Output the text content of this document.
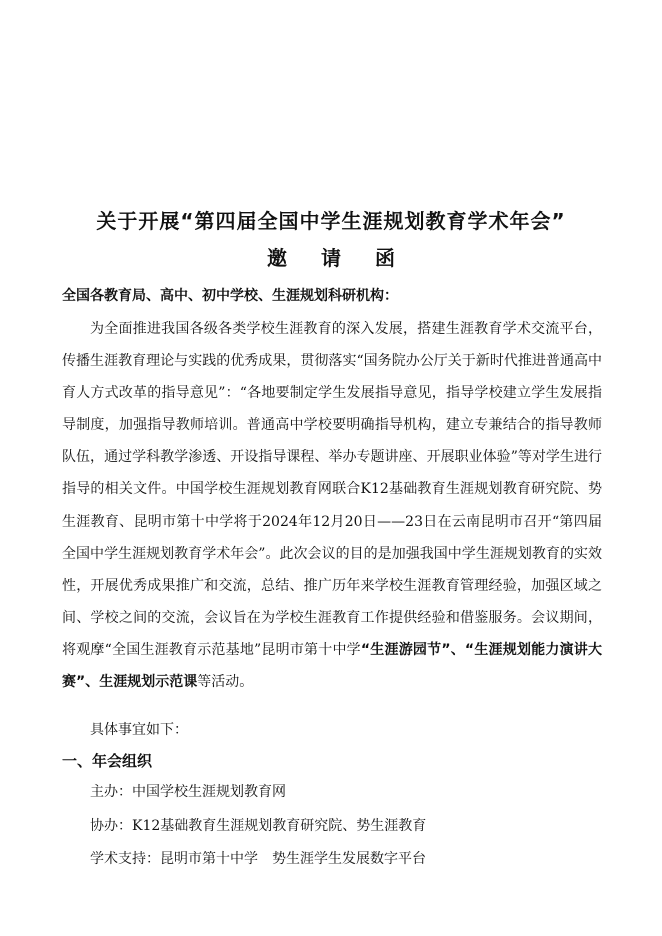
关于开展“第四届全国中学生涯规划教育学术年会”
邀请函
全国各教育局、高中、初中学校、生涯规划科研机构：
为全面推进我国各级各类学校生涯教育的深入发展，搭建生涯教育学术交流平台，传播生涯教育理论与实践的优秀成果，贯彻落实“国务院办公厅关于新时代推进普通高中育人方式改革的指导意见”：“各地要制定学生发展指导意见，指导学校建立学生发展指导制度，加强指导教师培训。普通高中学校要明确指导机构，建立专兼结合的指导教师队伍，通过学科教学渗透、开设指导课程、举办专题讲座、开展职业体验”等对学生进行指导的相关文件。中国学校生涯规划教育网联合K12基础教育生涯规划教育研究院、势生涯教育、昆明市第十中学将于2024年12月20日——23日在云南昆明市召开“第四届全国中学生涯规划教育学术年会”。此次会议的目的是加强我国中学生涯规划教育的实效性，开展优秀成果推广和交流，总结、推广历年来学校生涯教育管理经验，加强区域之间、学校之间的交流，会议旨在为学校生涯教育工作提供经验和借鉴服务。会议期间，将观摩“全国生涯教育示范基地”昆明市第十中学“生涯游园节”、“生涯规划能力演讲大赛”、生涯规划示范课等活动。
具体事宜如下：
一、年会组织
主办：中国学校生涯规划教育网
协办：K12基础教育生涯规划教育研究院、势生涯教育
学术支持：昆明市第十中学　势生涯学生发展数字平台
